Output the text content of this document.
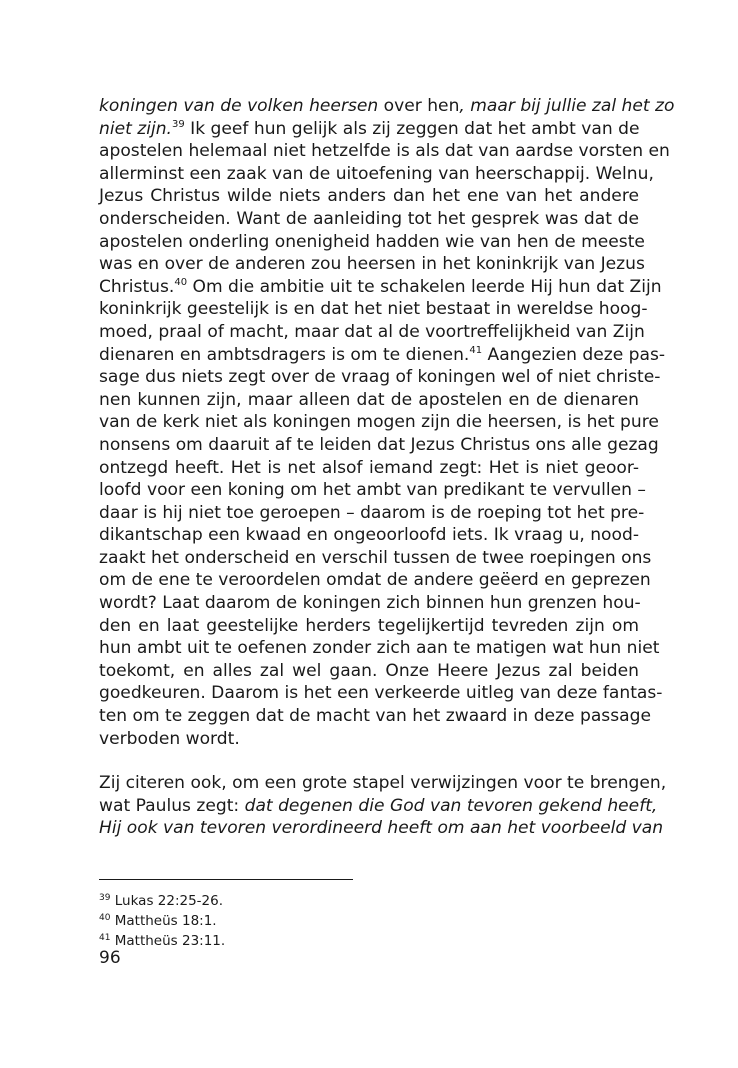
koningen van de volken heersen over hen, maar bij jullie zal het zo
niet zijn.$^{39}$ Ik geef hun gelijk als zij zeggen dat het ambt van de
apostelen helemaal niet hetzelfde is als dat van aardse vorsten en
allerminst een zaak van de uitoefening van heerschappij. Welnu,
Jezus Christus wilde niets anders dan het ene van het andere
onderscheiden. Want de aanleiding tot het gesprek was dat de
apostelen onderling onenigheid hadden wie van hen de meeste
was en over de anderen zou heersen in het koninkrijk van Jezus
Christus.$^{40}$ Om die ambitie uit te schakelen leerde Hij hun dat Zijn
koninkrijk geestelijk is en dat het niet bestaat in wereldse hoog-
moed, praal of macht, maar dat al de voortreffelijkheid van Zijn
dienaren en ambtsdragers is om te dienen.$^{41}$ Aangezien deze pas-
sage dus niets zegt over de vraag of koningen wel of niet christe-
nen kunnen zijn, maar alleen dat de apostelen en de dienaren
van de kerk niet als koningen mogen zijn die heersen, is het pure
nonsens om daaruit af te leiden dat Jezus Christus ons alle gezag
ontzegd heeft. Het is net alsof iemand zegt: Het is niet geoor-
loofd voor een koning om het ambt van predikant te vervullen –
daar is hij niet toe geroepen – daarom is de roeping tot het pre-
dikantschap een kwaad en ongeoorloofd iets. Ik vraag u, nood-
zaakt het onderscheid en verschil tussen de twee roepingen ons
om de ene te veroordelen omdat de andere geëerd en geprezen
wordt? Laat daarom de koningen zich binnen hun grenzen hou-
den en laat geestelijke herders tegelijkertijd tevreden zijn om
hun ambt uit te oefenen zonder zich aan te matigen wat hun niet
toekomt, en alles zal wel gaan. Onze Heere Jezus zal beiden
goedkeuren. Daarom is het een verkeerde uitleg van deze fantas-
ten om te zeggen dat de macht van het zwaard in deze passage
verboden wordt.
Zij citeren ook, om een grote stapel verwijzingen voor te brengen,
wat Paulus zegt: dat degenen die God van tevoren gekend heeft,
Hij ook van tevoren verordineerd heeft om aan het voorbeeld van
$^{39}$ Lukas 22:25-26.
$^{40}$ Mattheüs 18:1.
$^{41}$ Mattheüs 23:11.
96
